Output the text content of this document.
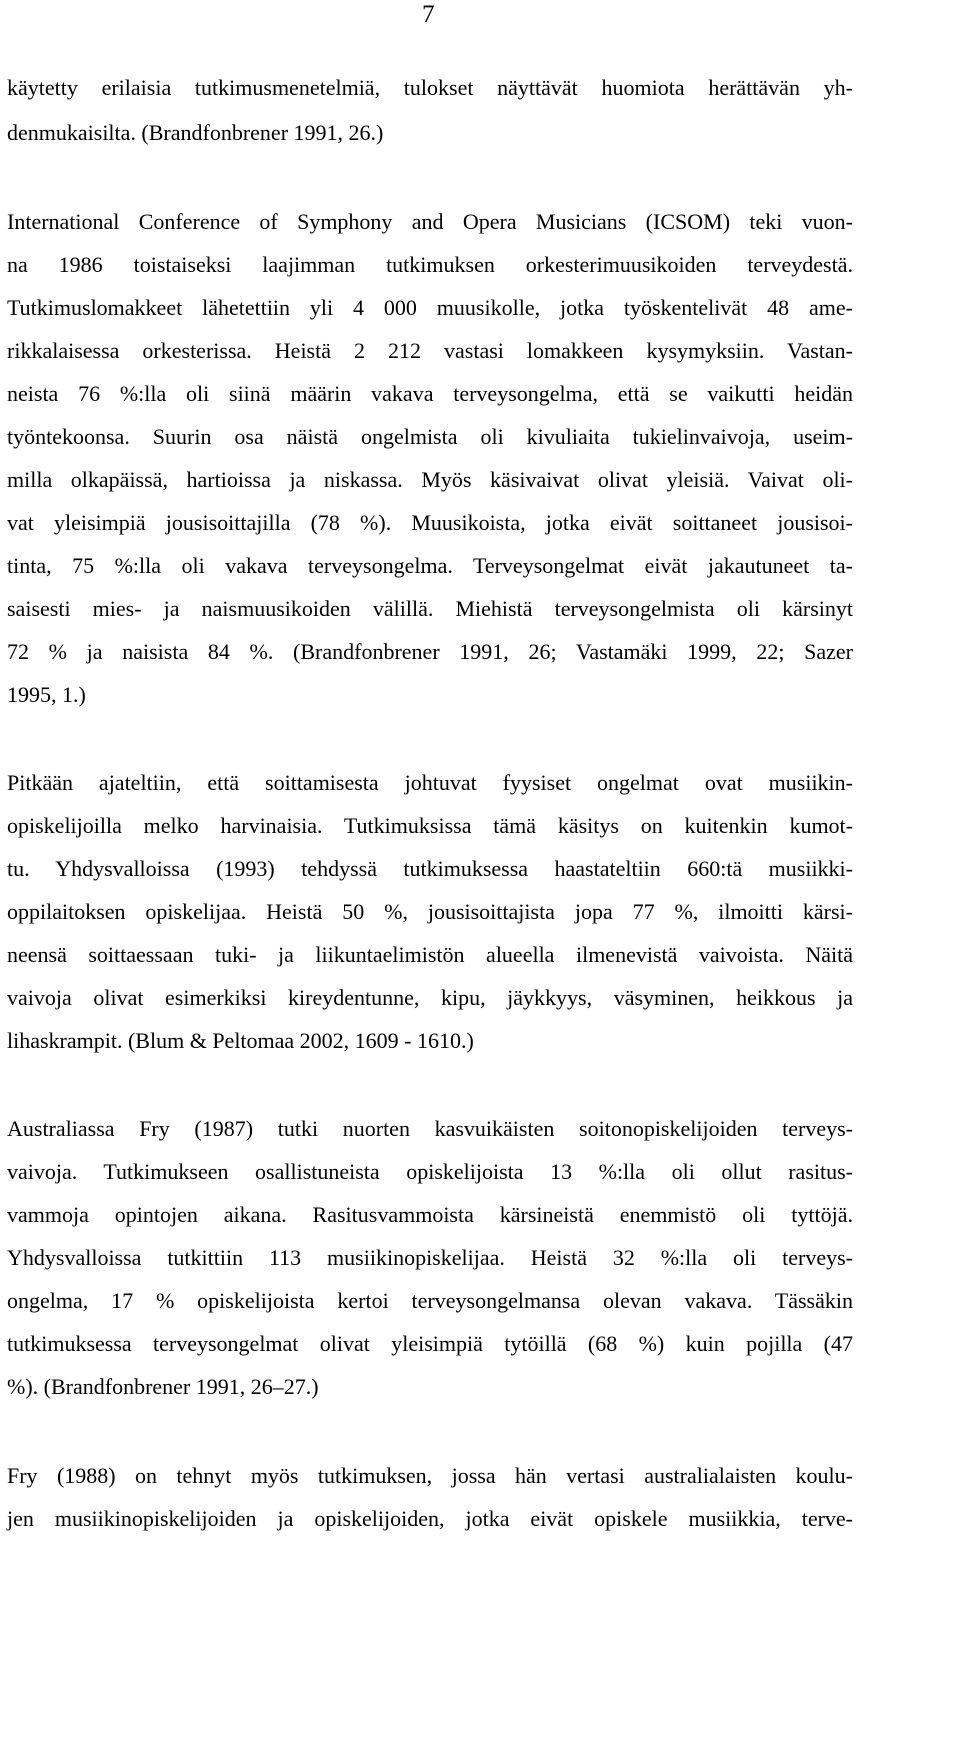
7
käytetty erilaisia tutkimusmenetelmiä, tulokset näyttävät huomiota herättävän yh-
denmukaisilta. (Brandfonbrener 1991, 26.)
International Conference of Symphony and Opera Musicians (ICSOM) teki vuon-
na 1986 toistaiseksi laajimman tutkimuksen orkesterimuusikoiden terveydestä.
Tutkimuslomakkeet lähetettiin yli 4 000 muusikolle, jotka työskentelivät 48 ame-
rikkalaisessa orkesterissa. Heistä 2 212 vastasi lomakkeen kysymyksiin. Vastan-
neista 76 %:lla oli siinä määrin vakava terveysongelma, että se vaikutti heidän
työntekoonsa. Suurin osa näistä ongelmista oli kivuliaita tukielinvaivoja, useim-
milla olkapäissä, hartioissa ja niskassa. Myös käsivaivat olivat yleisiä. Vaivat oli-
vat yleisimpiä jousisoittajilla (78 %). Muusikoista, jotka eivät soittaneet jousisoi-
tinta, 75 %:lla oli vakava terveysongelma. Terveysongelmat eivät jakautuneet ta-
saisesti mies- ja naismuusikoiden välillä. Miehistä terveysongelmista oli kärsinyt
72 % ja naisista 84 %. (Brandfonbrener 1991, 26; Vastamäki 1999, 22; Sazer
1995, 1.)
Pitkään ajateltiin, että soittamisesta johtuvat fyysiset ongelmat ovat musiikin-
opiskelijoilla melko harvinaisia. Tutkimuksissa tämä käsitys on kuitenkin kumot-
tu. Yhdysvalloissa (1993) tehdyssä tutkimuksessa haastateltiin 660:tä musiikki-
oppilaitoksen opiskelijaa. Heistä 50 %, jousisoittajista jopa 77 %, ilmoitti kärsi-
neensä soittaessaan tuki- ja liikuntaelimistön alueella ilmenevistä vaivoista. Näitä
vaivoja olivat esimerkiksi kireydentunne, kipu, jäykkyys, väsyminen, heikkous ja
lihaskrampit. (Blum & Peltomaa 2002, 1609 - 1610.)
Australiassa Fry (1987) tutki nuorten kasvuikäisten soitonopiskelijoiden terveys-
vaivoja. Tutkimukseen osallistuneista opiskelijoista 13 %:lla oli ollut rasitus-
vammoja opintojen aikana. Rasitusvammoista kärsineistä enemmistö oli tyttöjä.
Yhdysvalloissa tutkittiin 113 musiikinopiskelijaa. Heistä 32 %:lla oli terveys-
ongelma, 17 % opiskelijoista kertoi terveysongelmansa olevan vakava. Tässäkin
tutkimuksessa terveysongelmat olivat yleisimpiä tytöillä (68 %) kuin pojilla (47
%). (Brandfonbrener 1991, 26–27.)
Fry (1988) on tehnyt myös tutkimuksen, jossa hän vertasi australialaisten koulu-
jen musiikinopiskelijoiden ja opiskelijoiden, jotka eivät opiskele musiikkia, terve-
